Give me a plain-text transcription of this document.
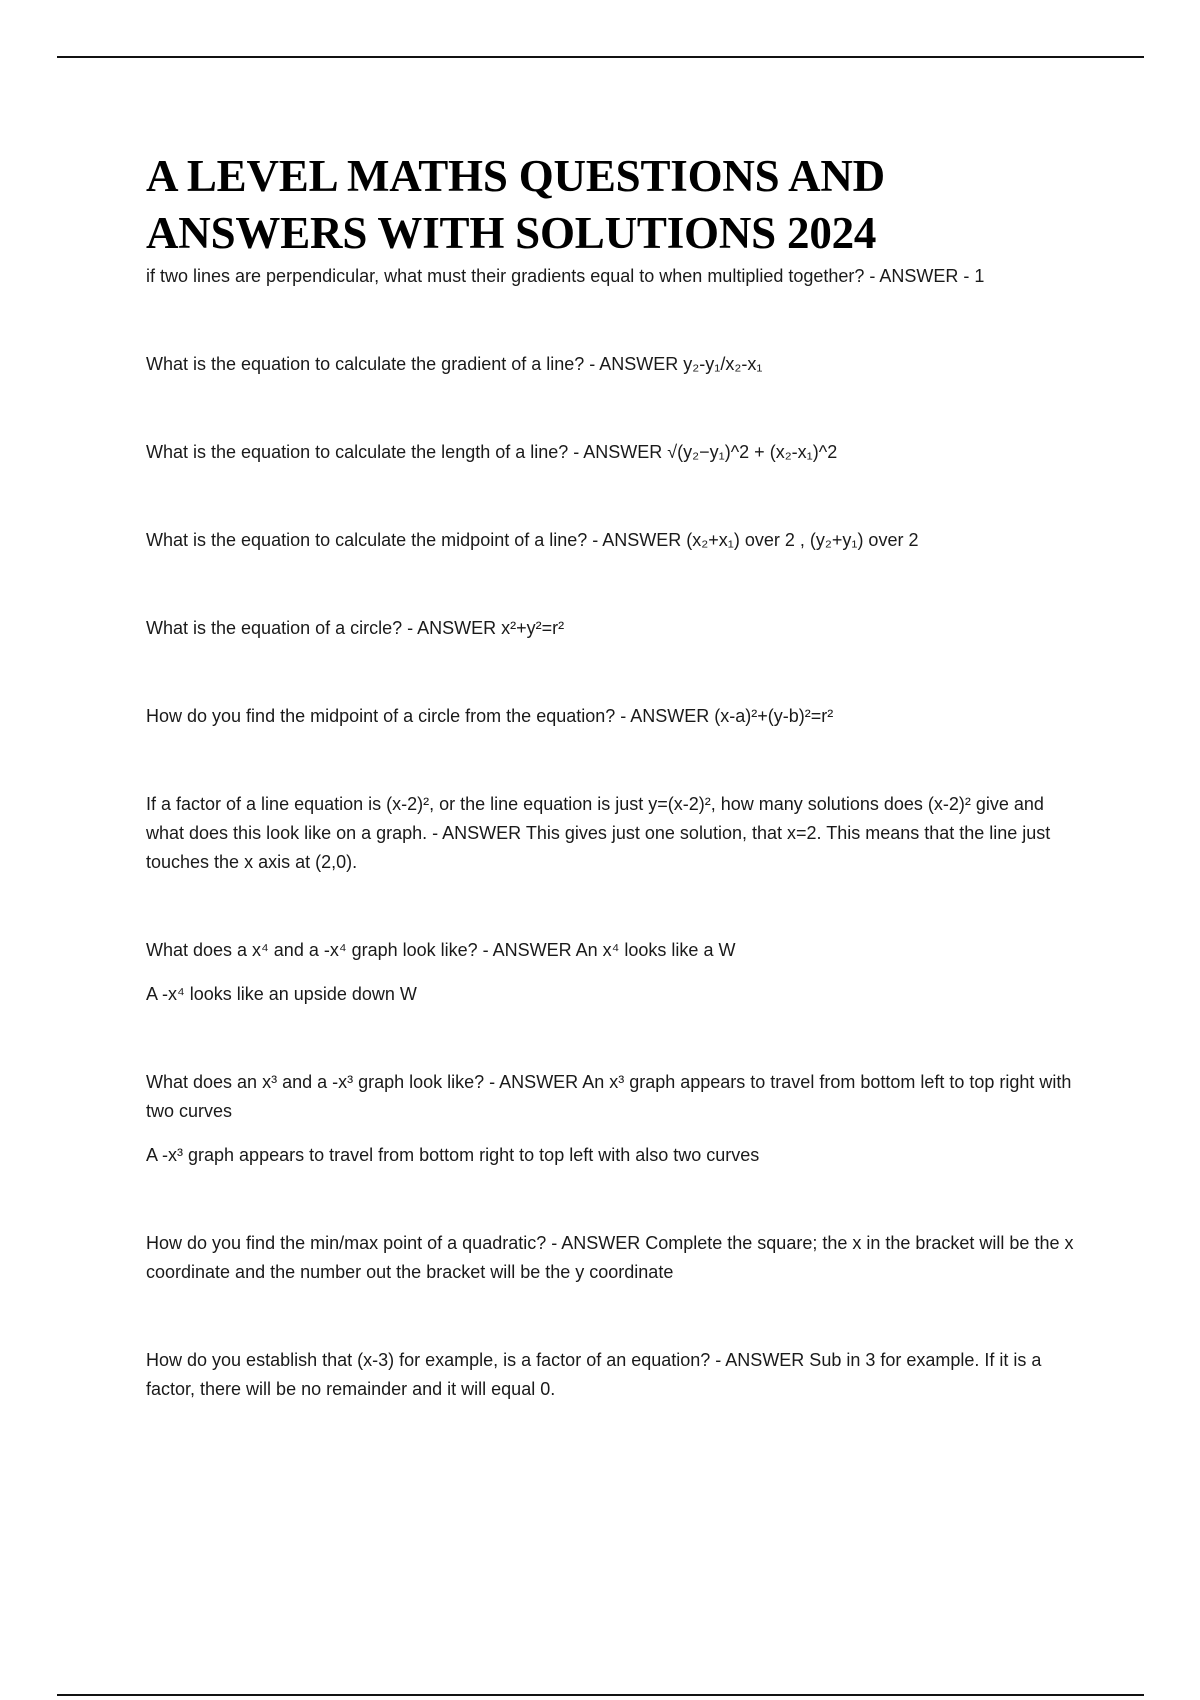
A LEVEL MATHS QUESTIONS AND
ANSWERS WITH SOLUTIONS 2024

if two lines are perpendicular, what must their gradients equal to when multiplied together? - ANSWER - 1

What is the equation to calculate the gradient of a line? - ANSWER y₂-y₁/x₂-x₁

What is the equation to calculate the length of a line? - ANSWER √(y₂−y₁)^2 + (x₂-x₁)^2

What is the equation to calculate the midpoint of a line? - ANSWER (x₂+x₁) over 2 , (y₂+y₁) over 2

What is the equation of a circle? - ANSWER x²+y²=r²

How do you find the midpoint of a circle from the equation? - ANSWER (x-a)²+(y-b)²=r²

If a factor of a line equation is (x-2)², or the line equation is just y=(x-2)², how many solutions does (x-2)² give and what does this look like on a graph. - ANSWER This gives just one solution, that x=2. This means that the line just touches the x axis at (2,0).

What does a x⁴ and a -x⁴ graph look like? - ANSWER An x⁴ looks like a W

A -x⁴ looks like an upside down W

What does an x³ and a -x³ graph look like? - ANSWER An x³ graph appears to travel from bottom left to top right with two curves

A -x³ graph appears to travel from bottom right to top left with also two curves

How do you find the min/max point of a quadratic? - ANSWER Complete the square; the x in the bracket will be the x coordinate and the number out the bracket will be the y coordinate

How do you establish that (x-3) for example, is a factor of an equation? - ANSWER Sub in 3 for example. If it is a factor, there will be no remainder and it will equal 0.
